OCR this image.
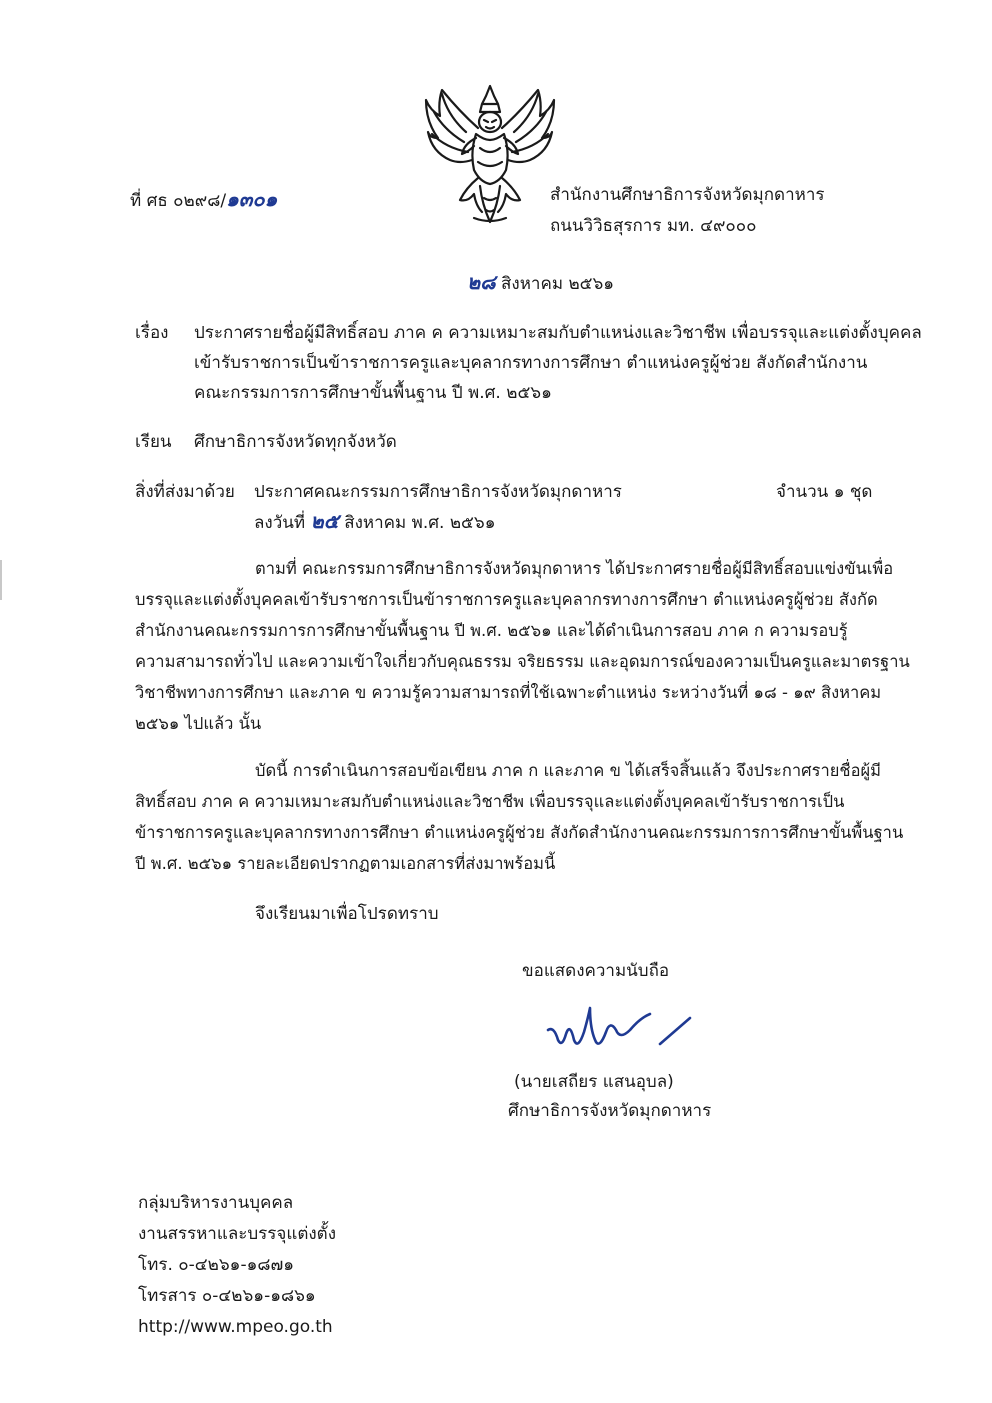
ที่ ศธ ๐๒๙๘/๑๓๐๑	สำนักงานศึกษาธิการจังหวัดมุกดาหาร
ถนนวิวิธสุรการ มท. ๔๙๐๐๐
๒๘ สิงหาคม ๒๕๖๑
เรื่อง ประกาศรายชื่อผู้มีสิทธิ์สอบ ภาค ค ความเหมาะสมกับตำแหน่งและวิชาชีพ เพื่อบรรจุและแต่งตั้งบุคคล
เข้ารับราชการเป็นข้าราชการครูและบุคลากรทางการศึกษา ตำแหน่งครูผู้ช่วย สังกัดสำนักงาน
คณะกรรมการการศึกษาขั้นพื้นฐาน ปี พ.ศ. ๒๕๖๑
เรียน ศึกษาธิการจังหวัดทุกจังหวัด
สิ่งที่ส่งมาด้วย ประกาศคณะกรรมการศึกษาธิการจังหวัดมุกดาหาร	จำนวน ๑ ชุด
ลงวันที่ ๒๕ สิงหาคม พ.ศ. ๒๕๖๑
ตามที่ คณะกรรมการศึกษาธิการจังหวัดมุกดาหาร ได้ประกาศรายชื่อผู้มีสิทธิ์สอบแข่งขันเพื่อ
บรรจุและแต่งตั้งบุคคลเข้ารับราชการเป็นข้าราชการครูและบุคลากรทางการศึกษา ตำแหน่งครูผู้ช่วย สังกัด
สำนักงานคณะกรรมการการศึกษาขั้นพื้นฐาน ปี พ.ศ. ๒๕๖๑ และได้ดำเนินการสอบ ภาค ก ความรอบรู้
ความสามารถทั่วไป และความเข้าใจเกี่ยวกับคุณธรรม จริยธรรม และอุดมการณ์ของความเป็นครูและมาตรฐาน
วิชาชีพทางการศึกษา และภาค ข ความรู้ความสามารถที่ใช้เฉพาะตำแหน่ง ระหว่างวันที่ ๑๘ - ๑๙ สิงหาคม
๒๕๖๑ ไปแล้ว นั้น
บัดนี้ การดำเนินการสอบข้อเขียน ภาค ก และภาค ข ได้เสร็จสิ้นแล้ว จึงประกาศรายชื่อผู้มี
สิทธิ์สอบ ภาค ค ความเหมาะสมกับตำแหน่งและวิชาชีพ เพื่อบรรจุและแต่งตั้งบุคคลเข้ารับราชการเป็น
ข้าราชการครูและบุคลากรทางการศึกษา ตำแหน่งครูผู้ช่วย สังกัดสำนักงานคณะกรรมการการศึกษาขั้นพื้นฐาน
ปี พ.ศ. ๒๕๖๑ รายละเอียดปรากฏตามเอกสารที่ส่งมาพร้อมนี้
จึงเรียนมาเพื่อโปรดทราบ
ขอแสดงความนับถือ
(นายเสถียร แสนอุบล)
ศึกษาธิการจังหวัดมุกดาหาร
กลุ่มบริหารงานบุคคล
งานสรรหาและบรรจุแต่งตั้ง
โทร. ๐-๔๒๖๑-๑๘๗๑
โทรสาร ๐-๔๒๖๑-๑๘๖๑
http://www.mpeo.go.th
